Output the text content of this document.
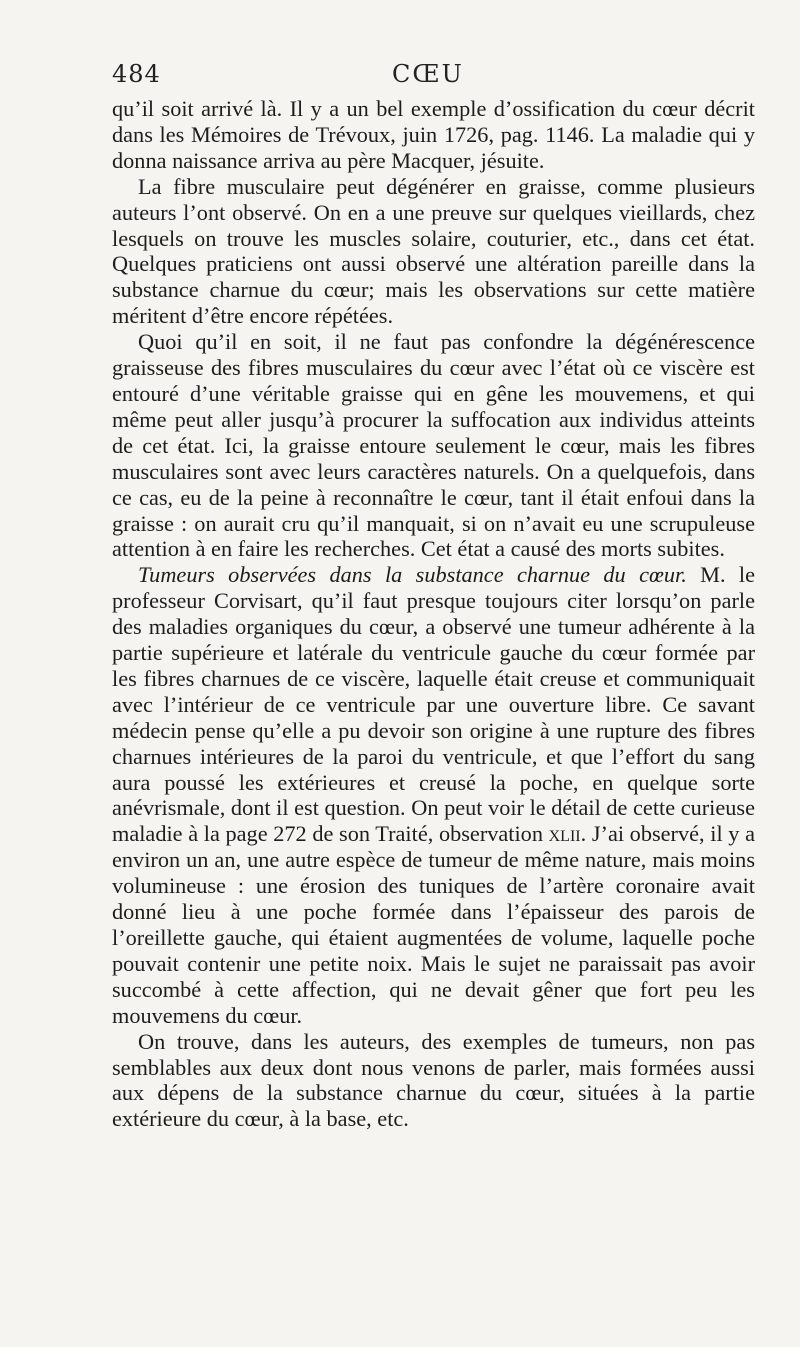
484	CŒU

qu’il soit arrivé là. Il y a un bel exemple d’ossification du cœur décrit dans les Mémoires de Trévoux, juin 1726, pag. 1146. La maladie qui y donna naissance arriva au père Macquer, jésuite.

La fibre musculaire peut dégénérer en graisse, comme plusieurs auteurs l’ont observé. On en a une preuve sur quelques vieillards, chez lesquels on trouve les muscles solaire, couturier, etc., dans cet état. Quelques praticiens ont aussi observé une altération pareille dans la substance charnue du cœur; mais les observations sur cette matière méritent d’être encore répétées.

Quoi qu’il en soit, il ne faut pas confondre la dégénérescence graisseuse des fibres musculaires du cœur avec l’état où ce viscère est entouré d’une véritable graisse qui en gêne les mouvemens, et qui même peut aller jusqu’à procurer la suffocation aux individus atteints de cet état. Ici, la graisse entoure seulement le cœur, mais les fibres musculaires sont avec leurs caractères naturels. On a quelquefois, dans ce cas, eu de la peine à reconnaître le cœur, tant il était enfoui dans la graisse : on aurait cru qu’il manquait, si on n’avait eu une scrupuleuse attention à en faire les recherches. Cet état a causé des morts subites.

Tumeurs observées dans la substance charnue du cœur. M. le professeur Corvisart, qu’il faut presque toujours citer lorsqu’on parle des maladies organiques du cœur, a observé une tumeur adhérente à la partie supérieure et latérale du ventricule gauche du cœur formée par les fibres charnues de ce viscère, laquelle était creuse et communiquait avec l’intérieur de ce ventricule par une ouverture libre. Ce savant médecin pense qu’elle a pu devoir son origine à une rupture des fibres charnues intérieures de la paroi du ventricule, et que l’effort du sang aura poussé les extérieures et creusé la poche, en quelque sorte anévrismale, dont il est question. On peut voir le détail de cette curieuse maladie à la page 272 de son Traité, observation xlii. J’ai observé, il y a environ un an, une autre espèce de tumeur de même nature, mais moins volumineuse : une érosion des tuniques de l’artère coronaire avait donné lieu à une poche formée dans l’épaisseur des parois de l’oreillette gauche, qui étaient augmentées de volume, laquelle poche pouvait contenir une petite noix. Mais le sujet ne paraissait pas avoir succombé à cette affection, qui ne devait gêner que fort peu les mouvemens du cœur.

On trouve, dans les auteurs, des exemples de tumeurs, non pas semblables aux deux dont nous venons de parler, mais formées aussi aux dépens de la substance charnue du cœur, situées à la partie extérieure du cœur, à la base, etc.
